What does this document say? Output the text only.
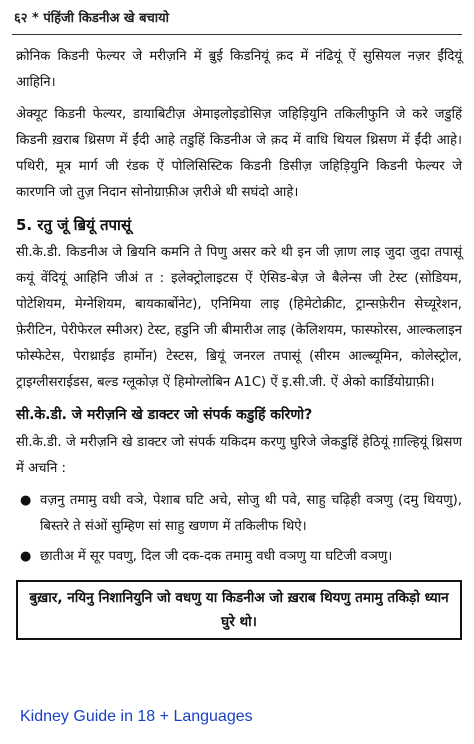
६२ * पंहिंजी किडनीअ खे बचायो

क्रोनिक किडनी फेल्यर जे मरीज़नि में ॿुई किडनियूं क़द में नंढियूं ऐं सुसियल नज़र ईंदियूं आहिनि।

अेक्यूट किडनी फेल्यर, डायाबिटीज़ अेमाइलोइडोसिज़ जहिड़ियुनि तकिलीफुनि जे करे जडुहिं किडनी ख़राब थ्रिसण में ईंदी आहे तडुहिं किडनीअ जे क़द में वाधि थियल थ्रिसण में ईंदी आहे। पथिरी, मूत्र मार्ग जी रंडक ऐं पोलिसिस्टिक किडनी डिसीज़ जहिड़ियुनि किडनी फेल्यर जे कारणनि जो तुज़ निदान सोनोग्राफ़ीअ ज़रीअे थी सघंदो आहे।

5. रतु जूं ॿियूं तपासूं

सी.के.डी. किडनीअ जे ॿियनि कमनि ते पिणु असर करे थी इन जी ज़ाण लाइ जुदा जुदा तपासूं कयूं वेंदियूं आहिनि जीअं त : इलेक्ट्रोलाइटस ऐं ऐसिड-बेज़ जे बैलेन्स जी टेस्ट (सोडियम, पोटेशियम, मेग्नेशियम, बायकार्बोनेट), एनिमिया लाइ (हिमेटोक्रीट, ट्रान्सफ़ेरीन सेच्यूरेशन, फ़ेरीटिन, पेरीफेरल स्मीअर) टेस्ट, हडुनि जी बीमारीअ लाइ (केलिशयम, फास्फोरस, आल्कलाइन फोस्फेटेस, पेराथ्राईड हार्मोन) टेस्टस, ॿियूं जनरल तपासूं (सीरम आल्ब्यूमिन, कोलेस्ट्रोल, ट्राइग्लीसराईडस, बल्ड ग्लूकोज़ ऐं हिमोग्लोबिन A1C) ऐं इ.सी.जी. ऐं अेको कार्डियोग्राफ़ी।

सी.के.डी. जे मरीज़नि खे डाक्टर जो संपर्क कडुहिं करिणो?

सी.के.डी. जे मरीज़नि खे डाक्टर जो संपर्क यकिदम करणु घुरिजे जेकडुहिं हेठियूं ग़ाल्हियूं थ्रिसण में अचनि :

● वज़नु तमामु वधी वञे, पेशाब घटि अचे, सोजु थी पवे, साहु चढ़िही वञणु (दमु थियणु), बिस्तरे ते संओं सुम्हिण सां साहु खणण में तकिलीफ थिऐ।
● छातीअ में सूर पवणु, दिल जी दक-दक तमामु वधी वञणु या घटिजी वञणु।
बुख़ार, नयिनु निशानियुनि जो वधणु या किडनीअ जो ख़राब थियणु तमामु तकिड़ो ध्यान घुरे थो।
Kidney Guide in 18 + Languages
